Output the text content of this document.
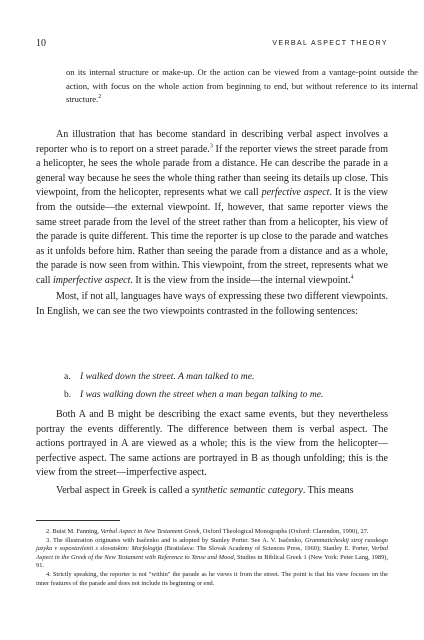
10	VERBAL ASPECT THEORY

on its internal structure or make-up. Or the action can be viewed from a vantage-point outside the action, with focus on the whole action from beginning to end, but without reference to its internal structure.$^2$

An illustration that has become standard in describing verbal aspect involves a reporter who is to report on a street parade.$^3$ If the reporter views the street parade from a helicopter, he sees the whole parade from a distance. He can describe the parade in a general way because he sees the whole thing rather than seeing its details up close. This viewpoint, from the helicopter, represents what we call perfective aspect. It is the view from the outside—the external viewpoint. If, however, that same reporter views the same street parade from the level of the street rather than from a helicopter, his view of the parade is quite different. This time the reporter is up close to the parade and watches as it unfolds before him. Rather than seeing the parade from a distance and as a whole, the parade is now seen from within. This viewpoint, from the street, represents what we call imperfective aspect. It is the view from the inside—the internal viewpoint.$^4$

Most, if not all, languages have ways of expressing these two different viewpoints. In English, we can see the two viewpoints contrasted in the following sentences:

a. I walked down the street. A man talked to me.
b. I was walking down the street when a man began talking to me.

Both A and B might be describing the exact same events, but they nevertheless portray the events differently. The difference between them is verbal aspect. The actions portrayed in A are viewed as a whole; this is the view from the helicopter—perfective aspect. The same actions are portrayed in B as though unfolding; this is the view from the street—imperfective aspect.

Verbal aspect in Greek is called a synthetic semantic category. This means

2. Buist M. Fanning, Verbal Aspect in New Testament Greek, Oxford Theological Monographs (Oxford: Clarendon, 1990), 27.

3. The illustration originates with Isačenko and is adopted by Stanley Porter. See A. V. Isačenko, Grammaticheskij stroj russkogo jazyka v sopostavlenii s slovatskim: Morfologija (Bratislava: The Slovak Academy of Sciences Press, 1960); Stanley E. Porter, Verbal Aspect in the Greek of the New Testament with Reference to Tense and Mood, Studies in Biblical Greek 1 (New York: Peter Lang, 1989), 91.

4. Strictly speaking, the reporter is not "within" the parade as he views it from the street. The point is that his view focuses on the inner features of the parade and does not include its beginning or end.
